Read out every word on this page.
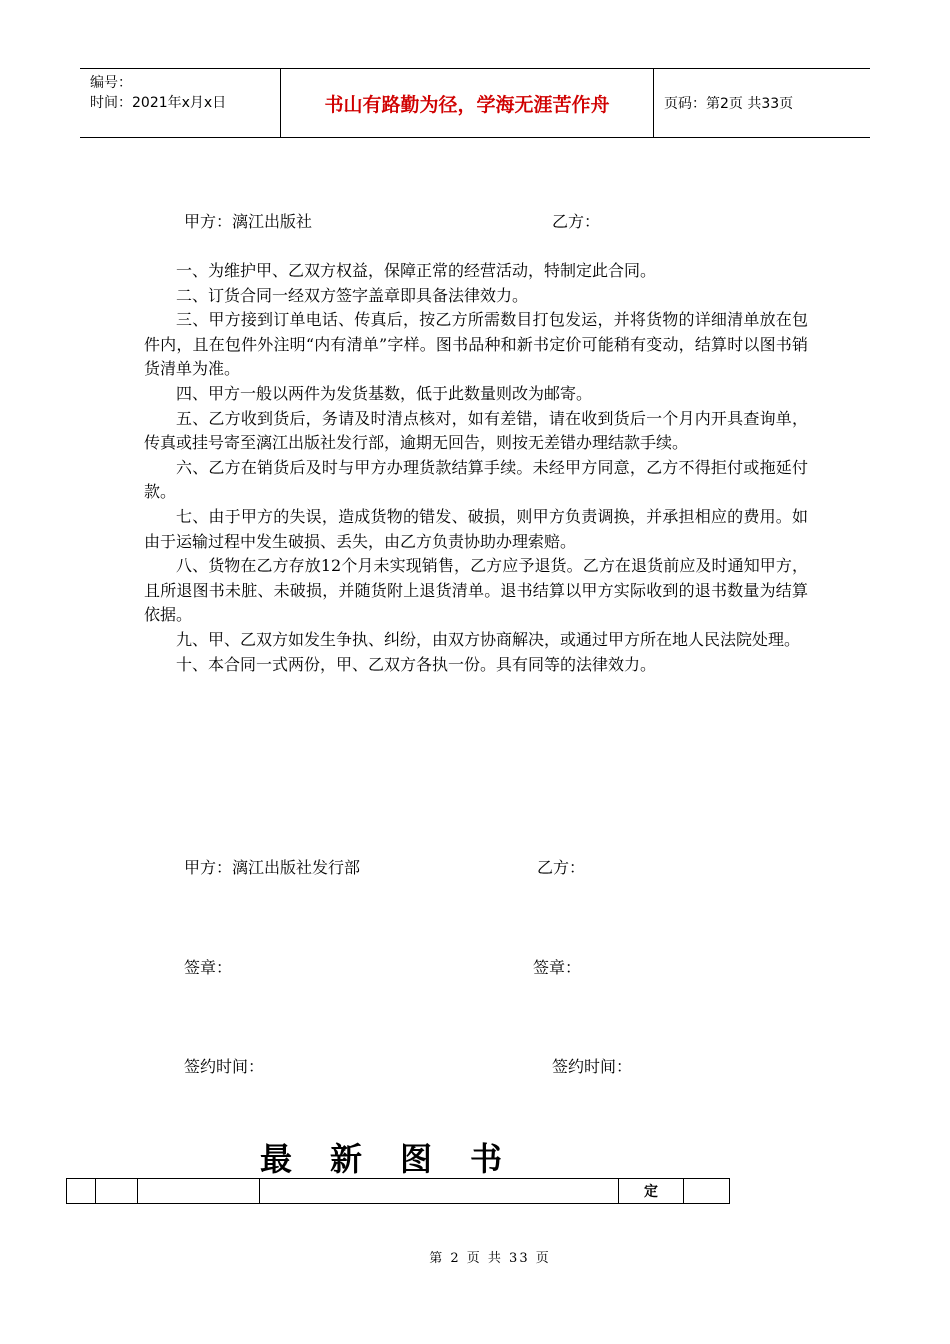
编号：
时间：2021年x月x日	书山有路勤为径，学海无涯苦作舟	页码：第2页 共33页
甲方：漓江出版社	乙方：

一、为维护甲、乙双方权益，保障正常的经营活动，特制定此合同。

二、订货合同一经双方签字盖章即具备法律效力。

三、甲方接到订单电话、传真后，按乙方所需数目打包发运，并将货物的详细清单放在包件内，且在包件外注明“内有清单”字样。图书品种和新书定价可能稍有变动，结算时以图书销货清单为准。

四、甲方一般以两件为发货基数，低于此数量则改为邮寄。

五、乙方收到货后，务请及时清点核对，如有差错，请在收到货后一个月内开具查询单，传真或挂号寄至漓江出版社发行部，逾期无回告，则按无差错办理结款手续。

六、乙方在销货后及时与甲方办理货款结算手续。未经甲方同意，乙方不得拒付或拖延付款。

七、由于甲方的失误，造成货物的错发、破损，则甲方负责调换，并承担相应的费用。如由于运输过程中发生破损、丢失，由乙方负责协助办理索赔。

八、货物在乙方存放12个月未实现销售，乙方应予退货。乙方在退货前应及时通知甲方，且所退图书未脏、未破损，并随货附上退货清单。退书结算以甲方实际收到的退书数量为结算依据。

九、甲、乙双方如发生争执、纠纷，由双方协商解决，或通过甲方所在地人民法院处理。

十、本合同一式两份，甲、乙双方各执一份。具有同等的法律效力。

甲方：漓江出版社发行部	乙方：
签章：	签章：
签约时间：	签约时间：
最新图书
定
第 2 页 共 33 页
